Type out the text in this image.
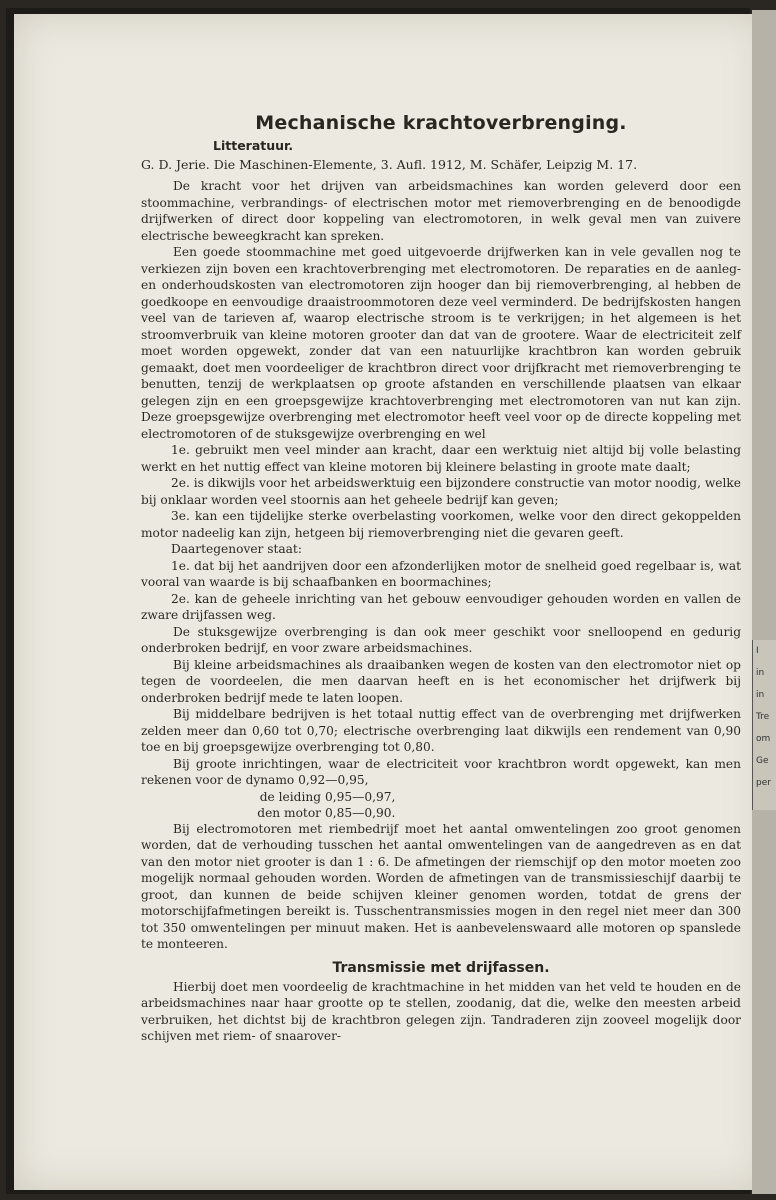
I
in
in
Tre
om
Ge
per
Mechanische krachtoverbrenging.
Litteratuur.
G. D. Jerie. Die Maschinen-Elemente, 3. Aufl. 1912, M. Schäfer, Leipzig M. 17.

De kracht voor het drijven van arbeidsmachines kan worden geleverd door een stoommachine, verbrandings- of electrischen motor met riemoverbrenging en de benoodigde drijfwerken of direct door koppeling van electromotoren, in welk geval men van zuivere electrische beweegkracht kan spreken.

Een goede stoommachine met goed uitgevoerde drijfwerken kan in vele gevallen nog te verkiezen zijn boven een krachtoverbrenging met electromotoren. De reparaties en de aanleg- en onderhoudskosten van electromotoren zijn hooger dan bij riemoverbrenging, al hebben de goedkoope en eenvoudige draaistroommotoren deze veel verminderd. De bedrijfskosten hangen veel van de tarieven af, waarop electrische stroom is te verkrijgen; in het algemeen is het stroomverbruik van kleine motoren grooter dan dat van de grootere. Waar de electriciteit zelf moet worden opgewekt, zonder dat van een natuurlijke krachtbron kan worden gebruik gemaakt, doet men voordeeliger de krachtbron direct voor drijfkracht met riemoverbrenging te benutten, tenzij de werkplaatsen op groote afstanden en verschillende plaatsen van elkaar gelegen zijn en een groepsgewijze krachtoverbrenging met electromotoren van nut kan zijn. Deze groepsgewijze overbrenging met electromotor heeft veel voor op de directe koppeling met electromotoren of de stuksgewijze overbrenging en wel

1e. gebruikt men veel minder aan kracht, daar een werktuig niet altijd bij volle belasting werkt en het nuttig effect van kleine motoren bij kleinere belasting in groote mate daalt;

2e. is dikwijls voor het arbeidswerktuig een bijzondere constructie van motor noodig, welke bij onklaar worden veel stoornis aan het geheele bedrijf kan geven;

3e. kan een tijdelijke sterke overbelasting voorkomen, welke voor den direct gekoppelden motor nadeelig kan zijn, hetgeen bij riemoverbrenging niet die gevaren geeft.

Daartegenover staat:

1e. dat bij het aandrijven door een afzonderlijken motor de snelheid goed regelbaar is, wat vooral van waarde is bij schaafbanken en boormachines;

2e. kan de geheele inrichting van het gebouw eenvoudiger gehouden worden en vallen de zware drijfassen weg.

De stuksgewijze overbrenging is dan ook meer geschikt voor snelloopend en gedurig onderbroken bedrijf, en voor zware arbeidsmachines.

Bij kleine arbeidsmachines als draaibanken wegen de kosten van den electromotor niet op tegen de voordeelen, die men daarvan heeft en is het economischer het drijfwerk bij onderbroken bedrijf mede te laten loopen.

Bij middelbare bedrijven is het totaal nuttig effect van de overbrenging met drijfwerken zelden meer dan 0,60 tot 0,70; electrische overbrenging laat dikwijls een rendement van 0,90 toe en bij groepsgewijze overbrenging tot 0,80.

Bij groote inrichtingen, waar de electriciteit voor krachtbron wordt opgewekt, kan men rekenen voor de dynamo 0,92—0,95,

de leiding 0,95—0,97,
den motor 0,85—0,90.

Bij electromotoren met riembedrijf moet het aantal omwentelingen zoo groot genomen worden, dat de verhouding tusschen het aantal omwentelingen van de aangedreven as en dat van den motor niet grooter is dan 1 : 6. De afmetingen der riemschijf op den motor moeten zoo mogelijk normaal gehouden worden. Worden de afmetingen van de transmissieschijf daarbij te groot, dan kunnen de beide schijven kleiner genomen worden, totdat de grens der motorschijfafmetingen bereikt is. Tusschentransmissies mogen in den regel niet meer dan 300 tot 350 omwentelingen per minuut maken. Het is aanbevelenswaard alle motoren op spanslede te monteeren.

Transmissie met drijfassen.

Hierbij doet men voordeelig de krachtmachine in het midden van het veld te houden en de arbeidsmachines naar haar grootte op te stellen, zoodanig, dat die, welke den meesten arbeid verbruiken, het dichtst bij de krachtbron gelegen zijn. Tandraderen zijn zooveel mogelijk door schijven met riem- of snaarover-
